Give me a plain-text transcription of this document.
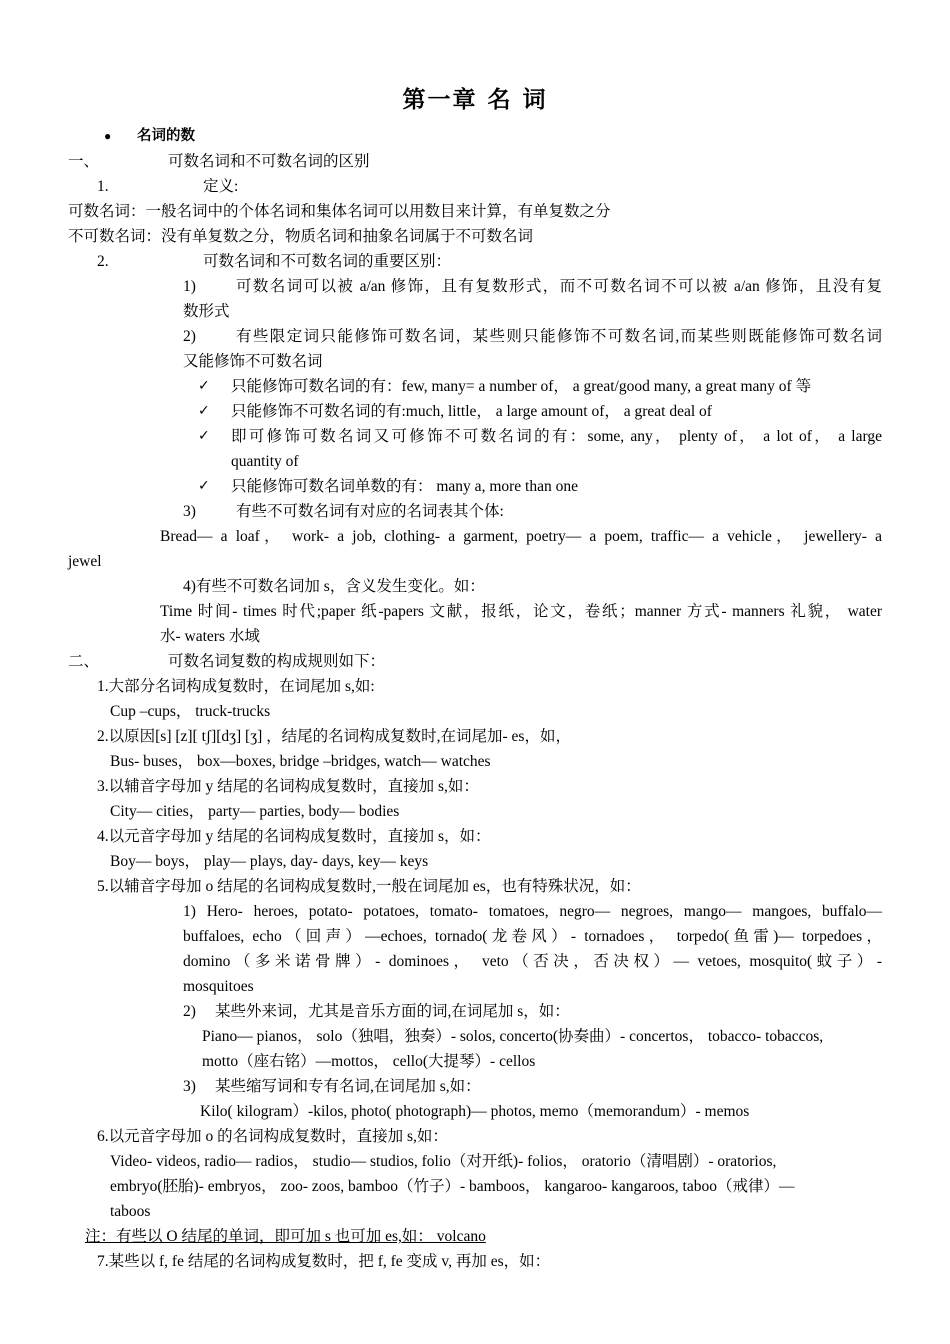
第一章 名 词
● 名词的数
一、	可数名词和不可数名词的区别
1.	定义:
可数名词：一般名词中的个体名词和集体名词可以用数目来计算，有单复数之分
不可数名词：没有单复数之分，物质名词和抽象名词属于不可数名词
2.	可数名词和不可数名词的重要区别：
1)	可数名词可以被 a/an 修饰，且有复数形式，而不可数名词不可以被 a/an 修饰，且没有复
数形式
2)	有些限定词只能修饰可数名词，某些则只能修饰不可数名词,而某些则既能修饰可数名词
又能修饰不可数名词
✓ 只能修饰可数名词的有：few, many= a number of， a great/good many, a great many of 等
✓ 只能修饰不可数名词的有:much, little， a large amount of， a great deal of
✓ 即可修饰可数名词又可修饰不可数名词的有：some, any， plenty of， a lot of， a large
quantity of
✓ 只能修饰可数名词单数的有： many a, more than one
3)	有些不可数名词有对应的名词表其个体:
Bread— a loaf， work- a job, clothing- a garment, poetry— a poem, traffic— a vehicle， jewellery- a
jewel
4)有些不可数名词加 s，含义发生变化。如：
Time 时间- times 时代;paper 纸-papers 文献，报纸，论文，卷纸；manner 方式- manners 礼貌， water
水- waters 水域
二、	可数名词复数的构成规则如下：
1.大部分名词构成复数时，在词尾加 s,如:
Cup –cups， truck-trucks
2.以原因[s] [z][ tʃ][dʒ] [ʒ] ，结尾的名词构成复数时,在词尾加- es，如，
Bus- buses， box—boxes, bridge –bridges, watch— watches
3.以辅音字母加 y 结尾的名词构成复数时，直接加 s,如：
City— cities， party— parties, body— bodies
4.以元音字母加 y 结尾的名词构成复数时，直接加 s，如：
Boy— boys， play— plays, day- days, key— keys
5.以辅音字母加 o 结尾的名词构成复数时,一般在词尾加 es，也有特殊状况，如：
1) Hero- heroes, potato- potatoes, tomato- tomatoes, negro— negroes, mango— mangoes, buffalo—
buffaloes, echo（回声）—echoes, tornado(龙卷风）- tornadoes， torpedo(鱼雷)— torpedoes，
domino（多米诺骨牌）- dominoes， veto（否决，否决权）— vetoes, mosquito(蚊子）-
mosquitoes
2) 某些外来词，尤其是音乐方面的词,在词尾加 s，如：
Piano— pianos， solo（独唱，独奏）- solos, concerto(协奏曲）- concertos， tobacco- tobaccos,
motto（座右铭）—mottos， cello(大提琴）- cellos
3) 某些缩写词和专有名词,在词尾加 s,如：
Kilo( kilogram）-kilos, photo( photograph)— photos, memo（memorandum）- memos
6.以元音字母加 o 的名词构成复数时，直接加 s,如：
Video- videos, radio— radios， studio— studios, folio（对开纸)- folios， oratorio（清唱剧）- oratorios,
embryo(胚胎)- embryos， zoo- zoos, bamboo（竹子）- bamboos， kangaroo- kangaroos, taboo（戒律）—
taboos
注：有些以 O 结尾的单词，即可加 s 也可加 es,如： volcano
7.某些以 f, fe 结尾的名词构成复数时，把 f, fe 变成 v, 再加 es，如：
